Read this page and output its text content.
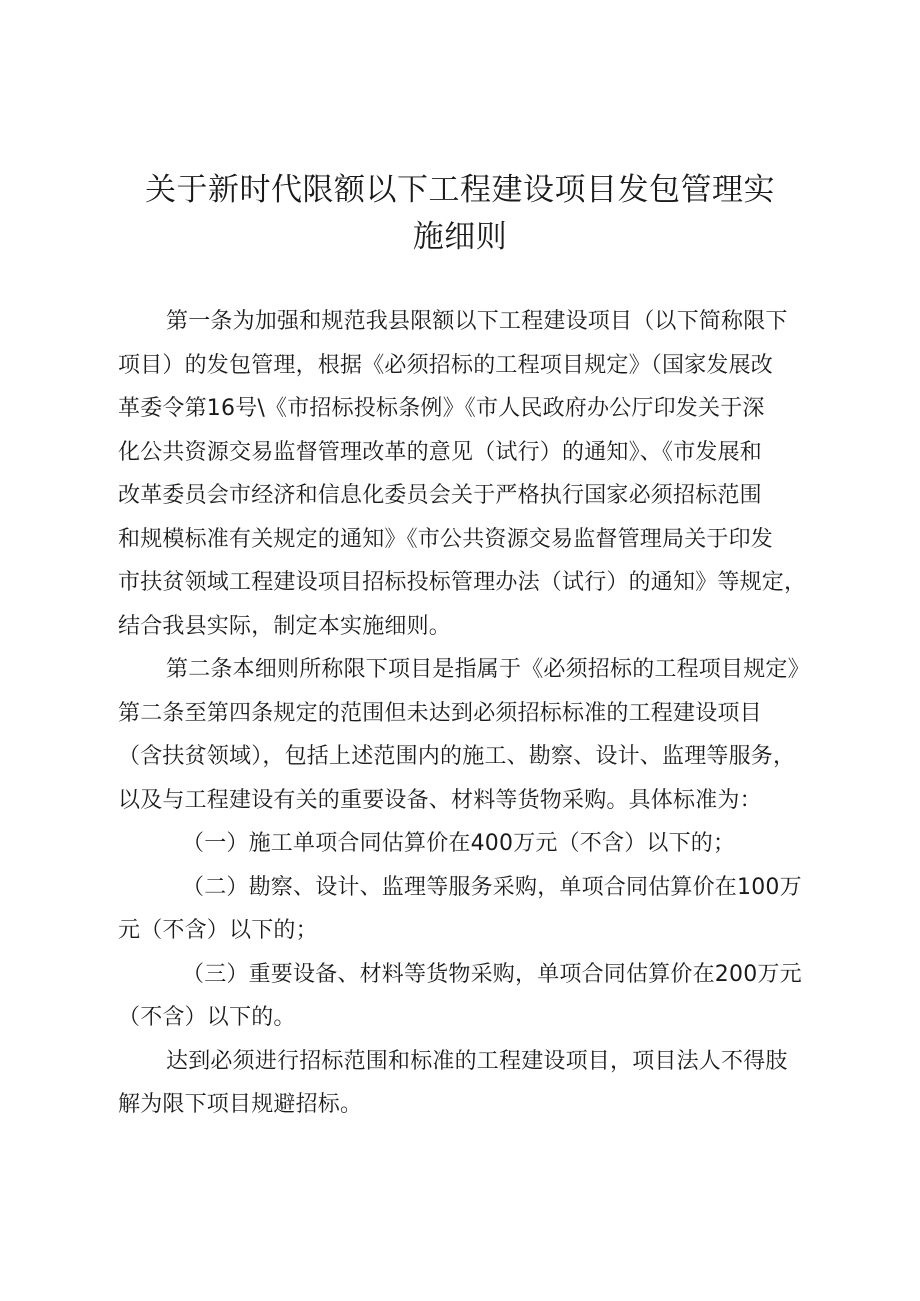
关于新时代限额以下工程建设项目发包管理实
施细则
第一条为加强和规范我县限额以下工程建设项目（以下简称限下
项目）的发包管理，根据《必须招标的工程项目规定》（国家发展改
革委令第16号\《市招标投标条例》《市人民政府办公厅印发关于深
化公共资源交易监督管理改革的意见（试行）的通知》、《市发展和
改革委员会市经济和信息化委员会关于严格执行国家必须招标范围
和规模标准有关规定的通知》《市公共资源交易监督管理局关于印发
市扶贫领域工程建设项目招标投标管理办法（试行）的通知》等规定，
结合我县实际，制定本实施细则。
第二条本细则所称限下项目是指属于《必须招标的工程项目规定》
第二条至第四条规定的范围但未达到必须招标标准的工程建设项目
（含扶贫领域），包括上述范围内的施工、勘察、设计、监理等服务，
以及与工程建设有关的重要设备、材料等货物采购。具体标准为：
（一）施工单项合同估算价在400万元（不含）以下的；
（二）勘察、设计、监理等服务采购，单项合同估算价在100万
元（不含）以下的；
（三）重要设备、材料等货物采购，单项合同估算价在200万元
（不含）以下的。
达到必须进行招标范围和标准的工程建设项目，项目法人不得肢
解为限下项目规避招标。
